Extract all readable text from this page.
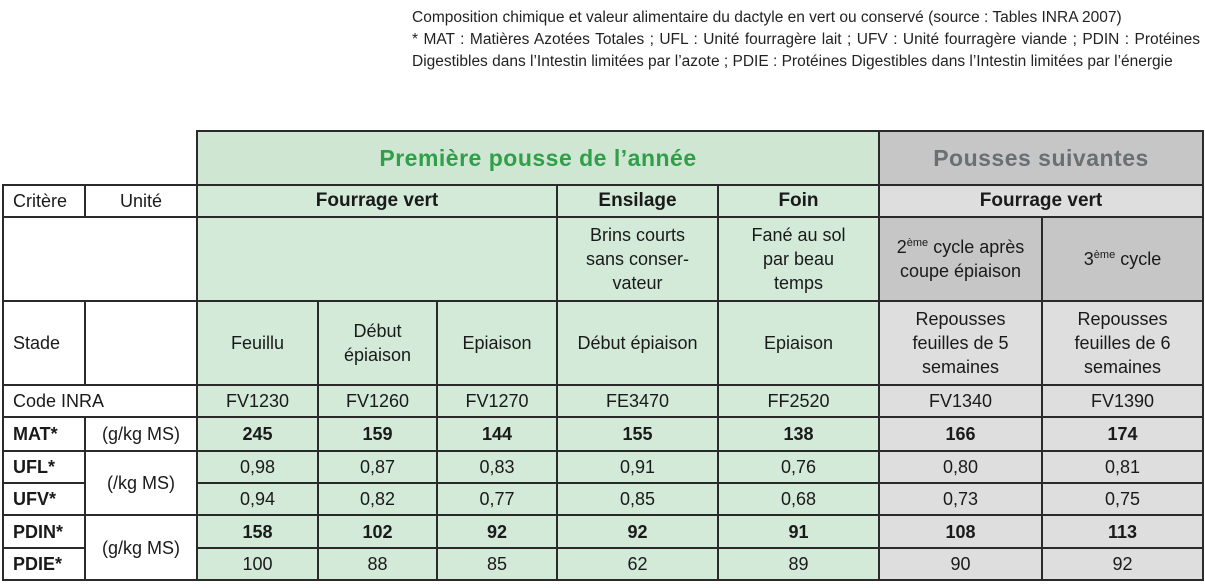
Composition chimique et valeur alimentaire du dactyle en vert ou conservé (source : Tables INRA 2007)

* MAT : Matières Azotées Totales ; UFL : Unité fourragère lait ; UFV : Unité fourragère viande ; PDIN : Protéines Digestibles dans l’Intestin limitées par l’azote ; PDIE : Protéines Digestibles dans l’Intestin limitées par l’énergie

		Première pousse de l’année					Pousses suivantes	
Critère	Unité	Fourrage vert			Ensilage	Foin	Fourrage vert	
					Brins courts sans conser-vateur	Fané au sol par beau temps	2ème cycle après coupe épiaison	3ème cycle
Stade		Feuillu	Début épiaison	Epiaison	Début épiaison	Epiaison	Repousses feuilles de 5 semaines	Repousses feuilles de 6 semaines
Code INRA		FV1230	FV1260	FV1270	FE3470	FF2520	FV1340	FV1390
MAT*	(g/kg MS)	245	159	144	155	138	166	174
UFL*	(/kg MS)	0,98	0,87	0,83	0,91	0,76	0,80	0,81
UFV*		0,94	0,82	0,77	0,85	0,68	0,73	0,75
PDIN*	(g/kg MS)	158	102	92	92	91	108	113
PDIE*		100	88	85	62	89	90	92
